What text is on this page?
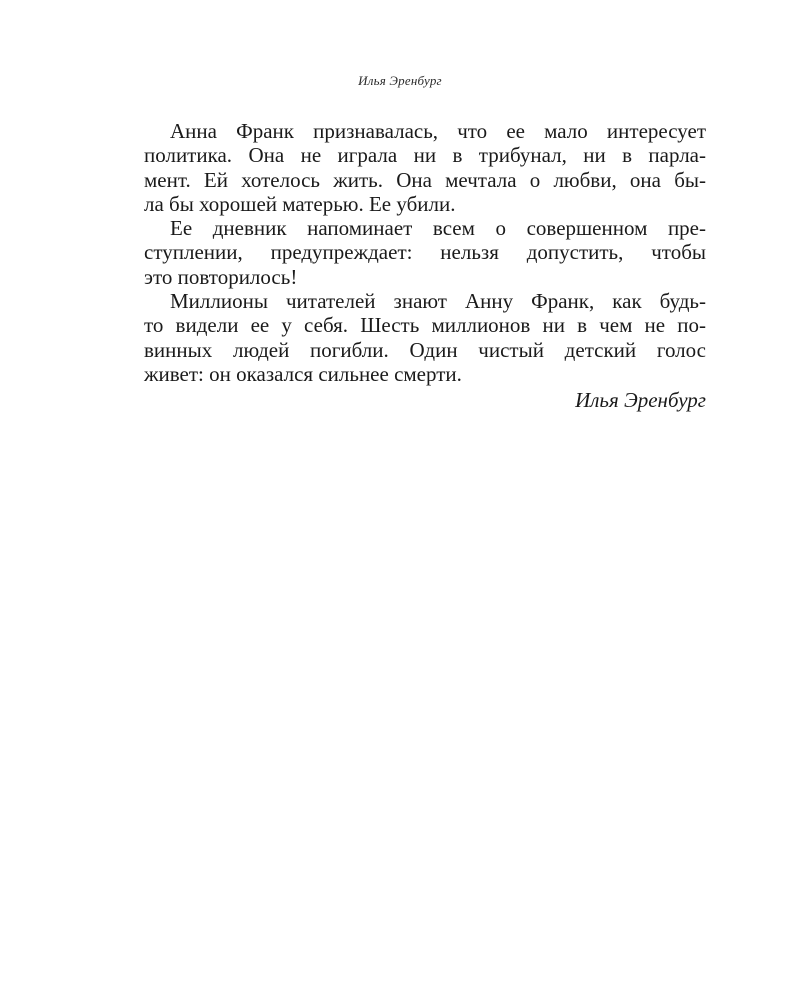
Илья Эренбург
Анна Франк признавалась, что ее мало интересует
политика. Она не играла ни в трибунал, ни в парла-
мент. Ей хотелось жить. Она мечтала о любви, она бы-
ла бы хорошей матерью. Ее убили.
Ее дневник напоминает всем о совершенном пре-
ступлении, предупреждает: нельзя допустить, чтобы
это повторилось!
Миллионы читателей знают Анну Франк, как будь-
то видели ее у себя. Шесть миллионов ни в чем не по-
винных людей погибли. Один чистый детский голос
живет: он оказался сильнее смерти.
Илья Эренбург
